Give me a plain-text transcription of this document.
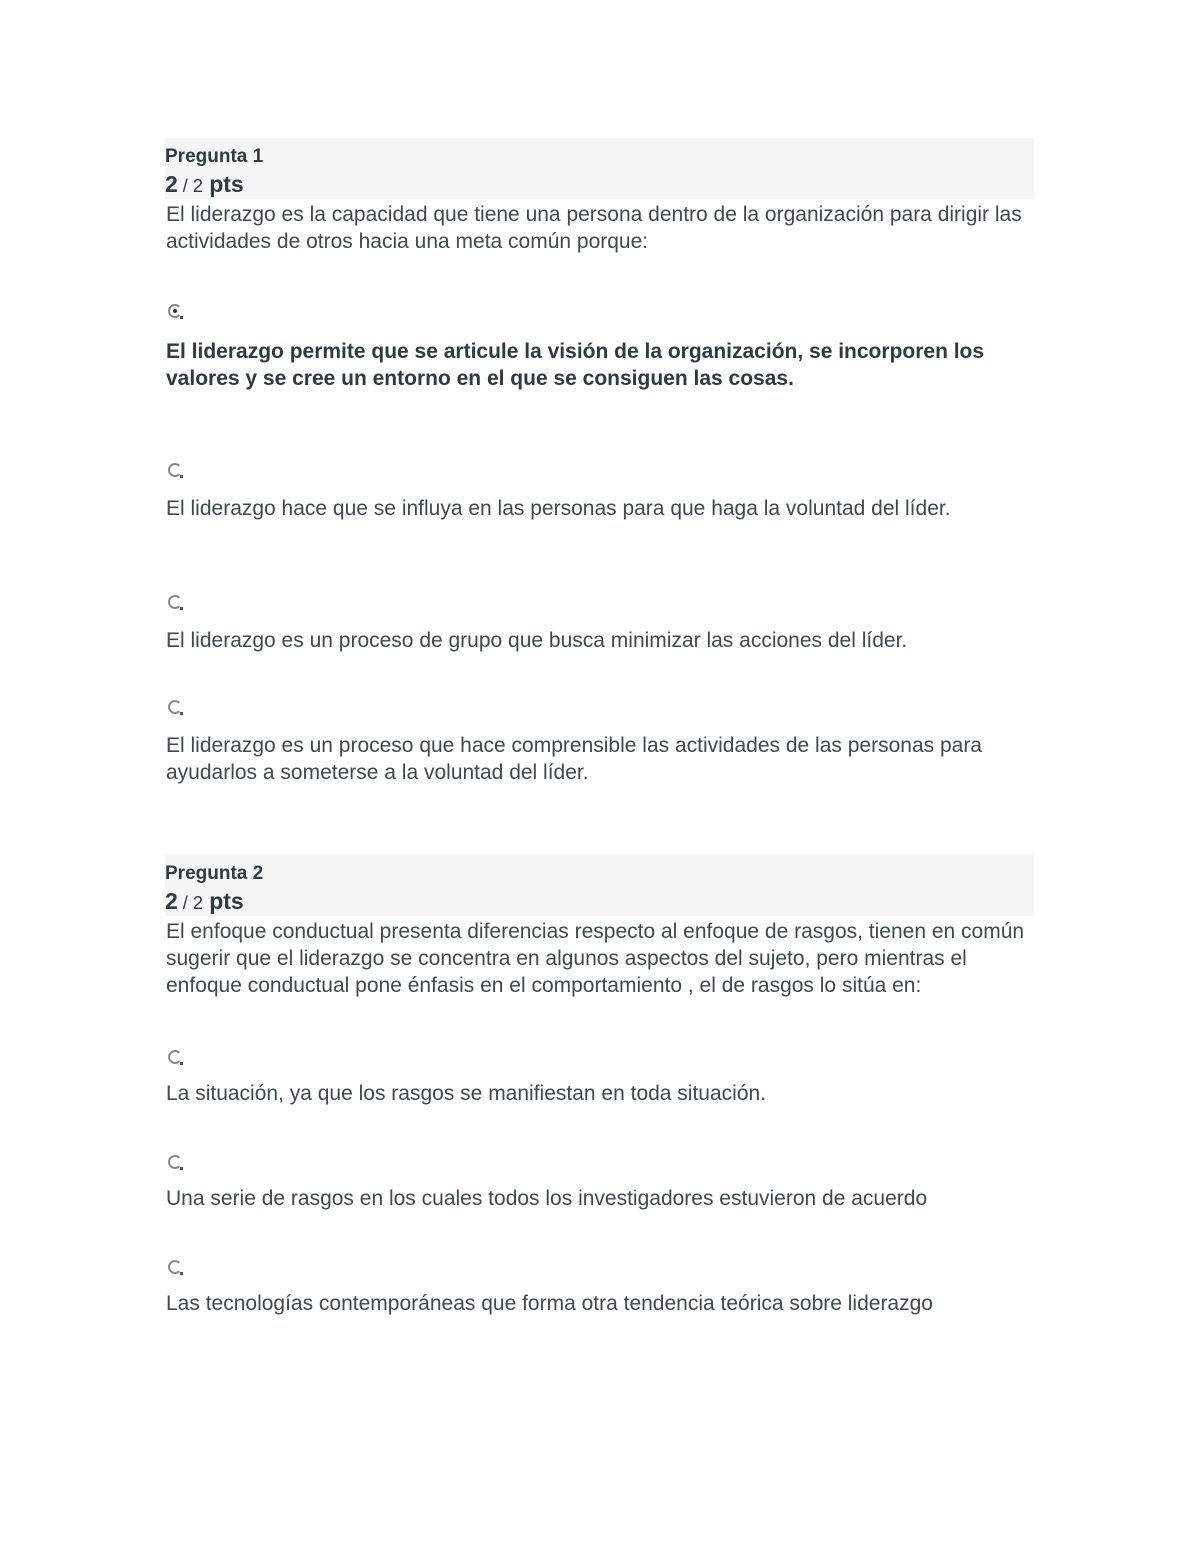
Pregunta 1
2 / 2 pts
El liderazgo es la capacidad que tiene una persona dentro de la organización para dirigir las actividades de otros hacia una meta común porque:
El liderazgo permite que se articule la visión de la organización, se incorporen los valores y se cree un entorno en el que se consiguen las cosas.
El liderazgo hace que se influya en las personas para que haga la voluntad del líder.
El liderazgo es un proceso de grupo que busca minimizar las acciones del líder.
El liderazgo es un proceso que hace comprensible las actividades de las personas para ayudarlos a someterse a la voluntad del líder.
Pregunta 2
2 / 2 pts
El enfoque conductual presenta diferencias respecto al enfoque de rasgos, tienen en común sugerir que el liderazgo se concentra en algunos aspectos del sujeto, pero mientras el enfoque conductual pone énfasis en el comportamiento , el de rasgos lo sitúa en:
La situación, ya que los rasgos se manifiestan en toda situación.
Una serie de rasgos en los cuales todos los investigadores estuvieron de acuerdo
Las tecnologías contemporáneas que forma otra tendencia teórica sobre liderazgo
